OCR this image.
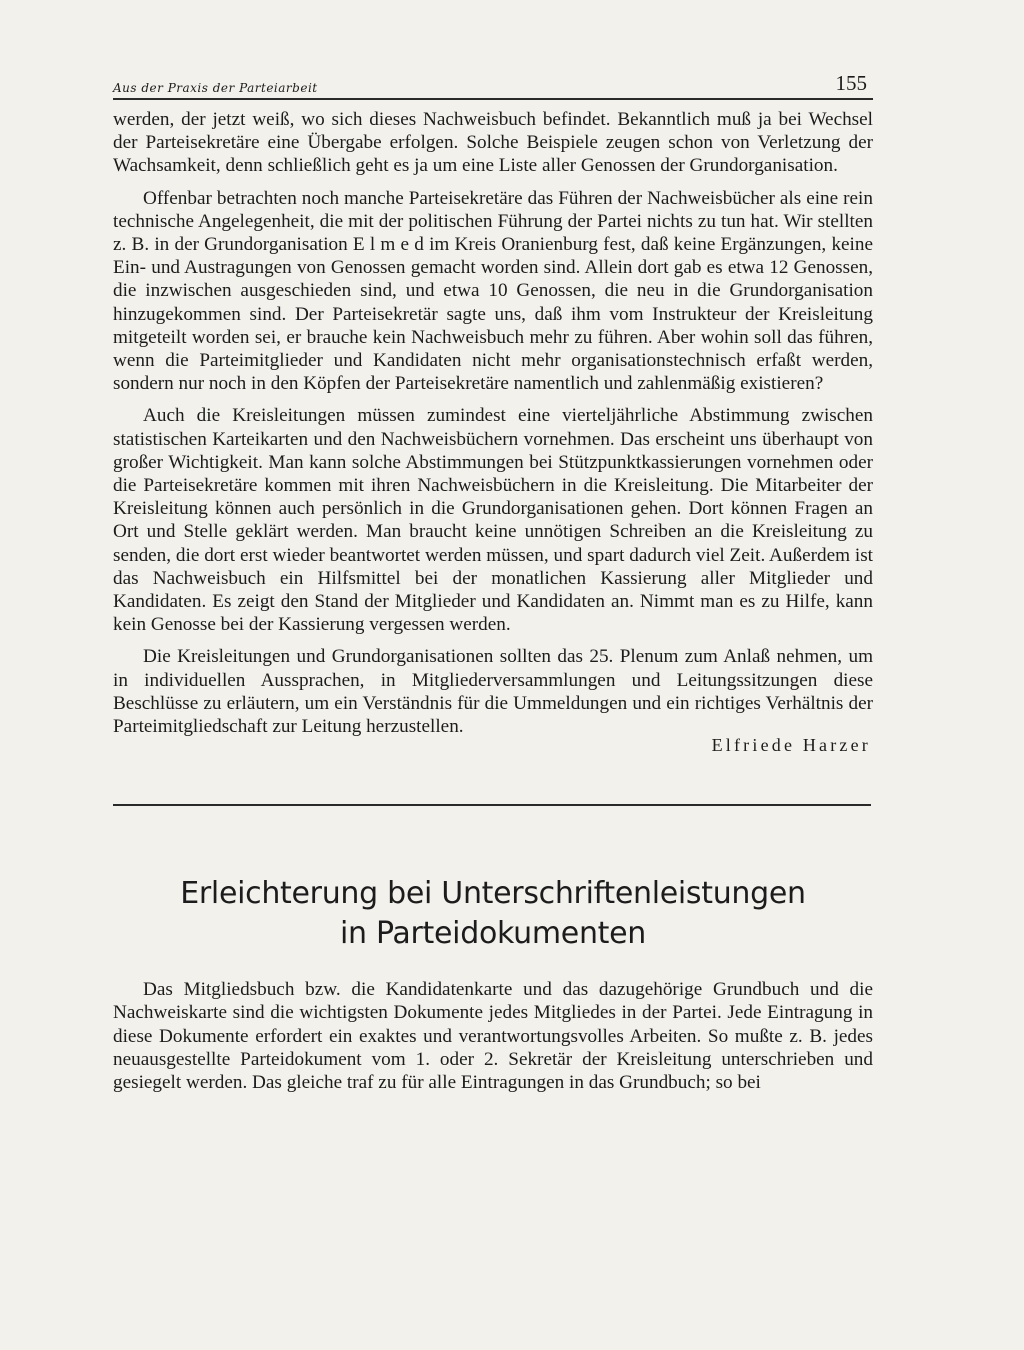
Aus der Praxis der Parteiarbeit	155

werden, der jetzt weiß, wo sich dieses Nachweisbuch befindet. Bekanntlich muß ja bei Wechsel der Parteisekretäre eine Übergabe erfolgen. Solche Beispiele zeugen schon von Verletzung der Wachsamkeit, denn schließlich geht es ja um eine Liste aller Genossen der Grundorganisation.

Offenbar betrachten noch manche Parteisekretäre das Führen der Nachweisbücher als eine rein technische Angelegenheit, die mit der politischen Führung der Partei nichts zu tun hat. Wir stellten z. B. in der Grundorganisation E l m e d im Kreis Oranienburg fest, daß keine Ergänzungen, keine Ein- und Austragungen von Genossen gemacht worden sind. Allein dort gab es etwa 12 Genossen, die inzwischen ausgeschieden sind, und etwa 10 Genossen, die neu in die Grundorganisation hinzugekommen sind. Der Parteisekretär sagte uns, daß ihm vom Instrukteur der Kreisleitung mitgeteilt worden sei, er brauche kein Nachweisbuch mehr zu führen. Aber wohin soll das führen, wenn die Parteimitglieder und Kandidaten nicht mehr organisationstechnisch erfaßt werden, sondern nur noch in den Köpfen der Parteisekretäre namentlich und zahlenmäßig existieren?

Auch die Kreisleitungen müssen zumindest eine vierteljährliche Abstimmung zwischen statistischen Karteikarten und den Nachweisbüchern vornehmen. Das erscheint uns überhaupt von großer Wichtigkeit. Man kann solche Abstimmungen bei Stützpunktkassierungen vornehmen oder die Parteisekretäre kommen mit ihren Nachweisbüchern in die Kreisleitung. Die Mitarbeiter der Kreisleitung können auch persönlich in die Grundorganisationen gehen. Dort können Fragen an Ort und Stelle geklärt werden. Man braucht keine unnötigen Schreiben an die Kreisleitung zu senden, die dort erst wieder beantwortet werden müssen, und spart dadurch viel Zeit. Außerdem ist das Nachweisbuch ein Hilfsmittel bei der monatlichen Kassierung aller Mitglieder und Kandidaten. Es zeigt den Stand der Mitglieder und Kandidaten an. Nimmt man es zu Hilfe, kann kein Genosse bei der Kassierung vergessen werden.

Die Kreisleitungen und Grundorganisationen sollten das 25. Plenum zum Anlaß nehmen, um in individuellen Aussprachen, in Mitgliederversammlungen und Leitungssitzungen diese Beschlüsse zu erläutern, um ein Verständnis für die Ummeldungen und ein richtiges Verhältnis der Parteimitgliedschaft zur Leitung herzustellen.

Elfriede Harzer
Erleichterung bei Unterschriftenleistungen
in Parteidokumenten

Das Mitgliedsbuch bzw. die Kandidatenkarte und das dazugehörige Grundbuch und die Nachweiskarte sind die wichtigsten Dokumente jedes Mitgliedes in der Partei. Jede Eintragung in diese Dokumente erfordert ein exaktes und verantwortungsvolles Arbeiten. So mußte z. B. jedes neuausgestellte Parteidokument vom 1. oder 2. Sekretär der Kreisleitung unterschrieben und gesiegelt werden. Das gleiche traf zu für alle Eintragungen in das Grundbuch; so bei
